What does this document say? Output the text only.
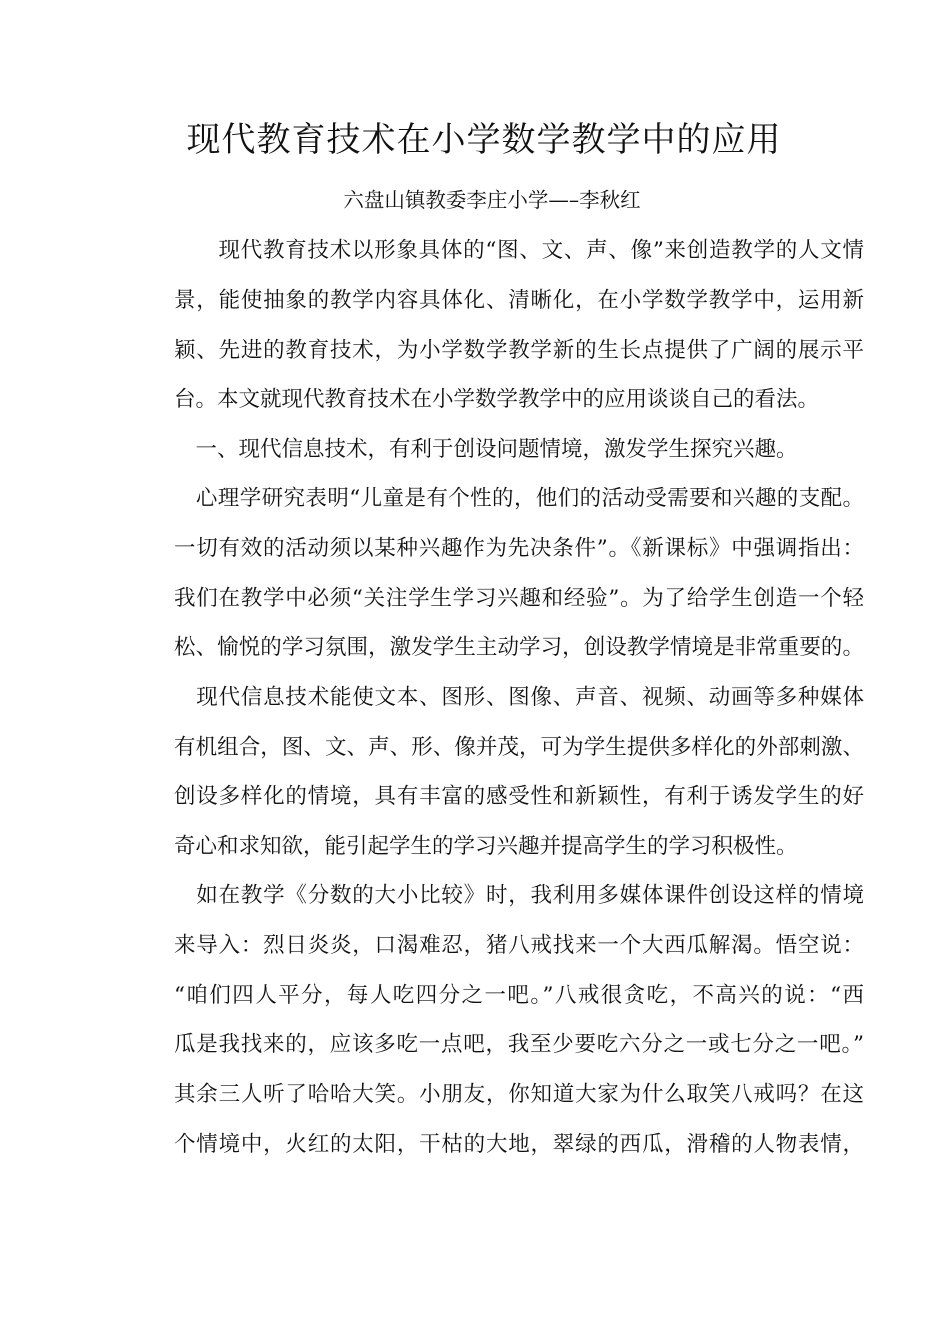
现代教育技术在小学数学教学中的应用

六盘山镇教委李庄小学—–李秋红

　　现代教育技术以形象具体的“图、文、声、像”来创造教学的人文情
景，能使抽象的教学内容具体化、清晰化，在小学数学教学中，运用新
颖、先进的教育技术，为小学数学教学新的生长点提供了广阔的展示平
台。本文就现代教育技术在小学数学教学中的应用谈谈自己的看法。
　一、现代信息技术，有利于创设问题情境，激发学生探究兴趣。
　心理学研究表明“儿童是有个性的，他们的活动受需要和兴趣的支配。
一切有效的活动须以某种兴趣作为先决条件”。《新课标》中强调指出：
我们在教学中必须“关注学生学习兴趣和经验”。为了给学生创造一个轻
松、愉悦的学习氛围，激发学生主动学习，创设教学情境是非常重要的。
　现代信息技术能使文本、图形、图像、声音、视频、动画等多种媒体
有机组合，图、文、声、形、像并茂，可为学生提供多样化的外部刺激、
创设多样化的情境，具有丰富的感受性和新颖性，有利于诱发学生的好
奇心和求知欲，能引起学生的学习兴趣并提高学生的学习积极性。
　如在教学《分数的大小比较》时，我利用多媒体课件创设这样的情境
来导入：烈日炎炎，口渴难忍，猪八戒找来一个大西瓜解渴。悟空说：
“咱们四人平分，每人吃四分之一吧。”八戒很贪吃，不高兴的说：“西
瓜是我找来的，应该多吃一点吧，我至少要吃六分之一或七分之一吧。”
其余三人听了哈哈大笑。小朋友，你知道大家为什么取笑八戒吗？在这
个情境中，火红的太阳，干枯的大地，翠绿的西瓜，滑稽的人物表情，
